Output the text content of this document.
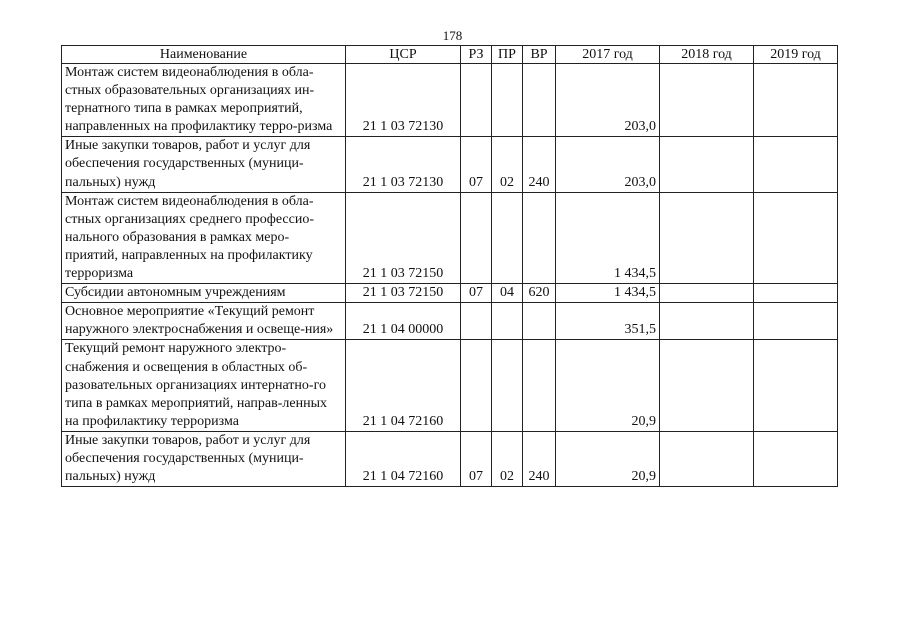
178
Наименование	ЦСР	РЗ	ПР	ВР	2017 год	2018 год	2019 год
Монтаж систем видеонаблюдения в обла-стных образовательных организациях ин-тернатного типа в рамках мероприятий, направленных на профилактику терро-ризма	21 1 03 72130				203,0		
Иные закупки товаров, работ и услуг для обеспечения государственных (муници-пальных) нужд	21 1 03 72130	07	02	240	203,0		
Монтаж систем видеонаблюдения в обла-стных организациях среднего профессио-нального образования в рамках меро-приятий, направленных на профилактику терроризма	21 1 03 72150				1 434,5		
Субсидии автономным учреждениям	21 1 03 72150	07	04	620	1 434,5		
Основное мероприятие «Текущий ремонт наружного электроснабжения и освеще-ния»	21 1 04 00000				351,5		
Текущий ремонт наружного электро-снабжения и освещения в областных об-разовательных организациях интернатно-го типа в рамках мероприятий, направ-ленных на профилактику терроризма	21 1 04 72160				20,9		
Иные закупки товаров, работ и услуг для обеспечения государственных (муници-пальных) нужд	21 1 04 72160	07	02	240	20,9		
